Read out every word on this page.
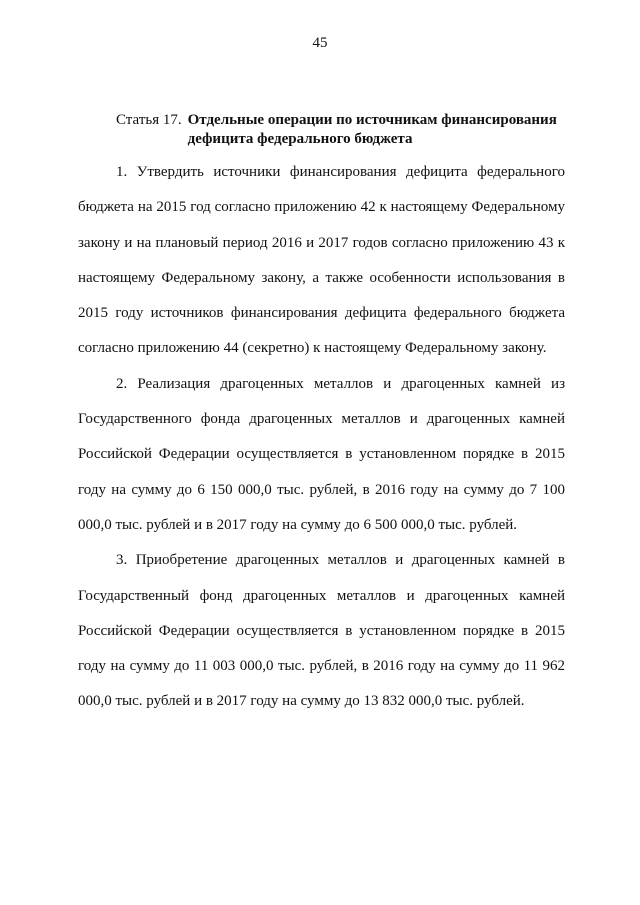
45
Статья 17. Отдельные операции по источникам финансирования дефицита федерального бюджета

1. Утвердить источники финансирования дефицита федерального бюджета на 2015 год согласно приложению 42 к настоящему Федеральному закону и на плановый период 2016 и 2017 годов согласно приложению 43 к настоящему Федеральному закону, а также особенности использования в 2015 году источников финансирования дефицита федерального бюджета согласно приложению 44 (секретно) к настоящему Федеральному закону.

2. Реализация драгоценных металлов и драгоценных камней из Государственного фонда драгоценных металлов и драгоценных камней Российской Федерации осуществляется в установленном порядке в 2015 году на сумму до 6 150 000,0 тыс. рублей, в 2016 году на сумму до 7 100 000,0 тыс. рублей и в 2017 году на сумму до 6 500 000,0 тыс. рублей.

3. Приобретение драгоценных металлов и драгоценных камней в Государственный фонд драгоценных металлов и драгоценных камней Российской Федерации осуществляется в установленном порядке в 2015 году на сумму до 11 003 000,0 тыс. рублей, в 2016 году на сумму до 11 962 000,0 тыс. рублей и в 2017 году на сумму до 13 832 000,0 тыс. рублей.
